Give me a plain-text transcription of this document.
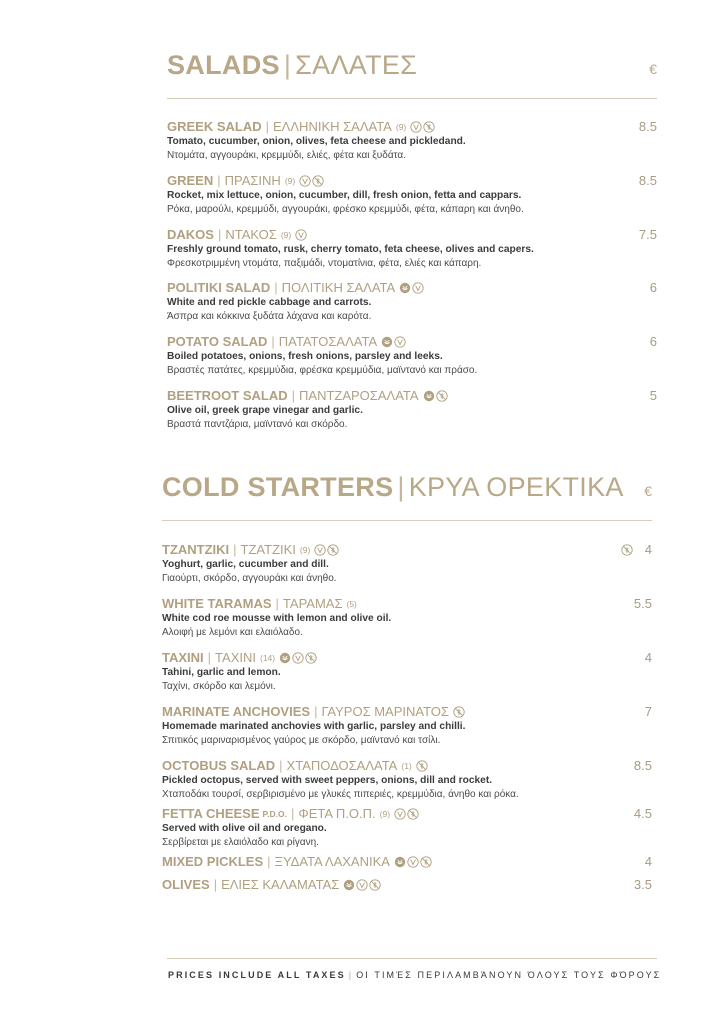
SALADS | ΣΑΛΑΤΕΣ	€
GREEK SALAD | ΕΛΛΗΝΙΚΗ ΣΑΛΑΤΑ (9)	8.5
Tomato, cucumber, onion, olives, feta cheese and pickledand.
Ντομάτα, αγγουράκι, κρεμμύδι, ελιές, φέτα και ξυδάτα.
GREEN | ΠΡΑΣΙΝΗ (9)	8.5
Rocket, mix lettuce, onion, cucumber, dill, fresh onion, fetta and cappars.
Ρόκα, μαρούλι, κρεμμύδι, αγγουράκι, φρέσκο κρεμμύδι, φέτα, κάπαρη και άνηθο.
DAKOS | ΝΤΑΚΟΣ (9)	7.5
Freshly ground tomato, rusk, cherry tomato, feta cheese, olives and capers.
Φρεσκοτριμμένη ντομάτα, παξιμάδι, ντοματίνια, φέτα, ελιές και κάπαρη.
POLITIKI SALAD | ΠΟΛΙΤΙΚΗ ΣΑΛΑΤΑ	6
White and red pickle cabbage and carrots.
Άσπρα και κόκκινα ξυδάτα λάχανα και καρότα.
POTATO SALAD | ΠΑΤΑΤΟΣΑΛΑΤΑ	6
Boiled potatoes, onions, fresh onions, parsley and leeks.
Βραστές πατάτες, κρεμμύδια, φρέσκα κρεμμύδια, μαϊντανό και πράσο.
BEETROOT SALAD | ΠΑΝΤΖΑΡΟΣΑΛΑΤΑ	5
Olive oil, greek grape vinegar and garlic.
Βραστά παντζάρια, μαϊντανό και σκόρδο.
COLD STARTERS | ΚΡΥΑ ΟΡΕΚΤΙΚΑ €
TZANTZIKI | ΤΖΑΤΖΙΚΙ (9)	4
Yoghurt, garlic, cucumber and dill.
Γιαούρτι, σκόρδο, αγγουράκι και άνηθο.
WHITE TARAMAS | ΤΑΡΑΜΑΣ (5)	5.5
White cod roe mousse with lemon and olive oil.
Αλοιφή με λεμόνι και ελαιόλαδο.
TAXINI | ΤΑΧΙΝΙ (14)	4
Tahini, garlic and lemon.
Ταχίνι, σκόρδο και λεμόνι.
MARINATE ANCHOVIES | ΓΑΥΡΟΣ ΜΑΡΙΝΑΤΟΣ	7
Homemade marinated anchovies with garlic, parsley and chilli.
Σπιτικός μαριναρισμένος γαύρος με σκόρδο, μαϊντανό και τσίλι.
OCTOBUS SALAD | ΧΤΑΠΟΔΟΣΑΛΑΤΑ (1)	8.5
Pickled octopus, served with sweet peppers, onions, dill and rocket.
Χταποδάκι τουρσί, σερβιρισμένο με γλυκές πιπεριές, κρεμμύδια, άνηθο και ρόκα.
FETTA CHEESE P.D.O. | ΦΕΤΑ Π.Ο.Π. (9)	4.5
Served with olive oil and oregano.
Σερβίρεται με ελαιόλαδο και ρίγανη.
MIXED PICKLES | ΞΥΔΑΤΑ ΛΑΧΑΝΙΚΑ	4
OLIVES | ΕΛΙΕΣ ΚΑΛΑΜΑΤΑΣ	3.5
PRICES INCLUDE ALL TAXES | ΟΙ ΤΙΜΈΣ ΠΕΡΙΛΑΜΒΆΝΟΥΝ ΌΛΟΥΣ ΤΟΥΣ ΦΌΡΟΥΣ
